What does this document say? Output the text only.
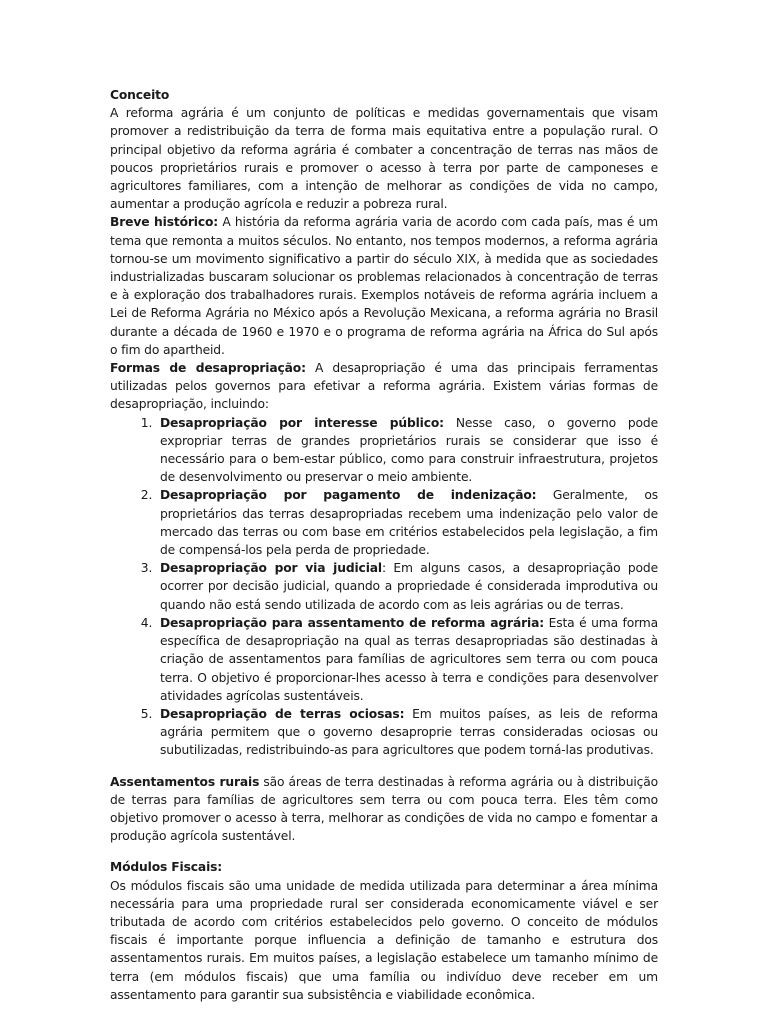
Conceito

A reforma agrária é um conjunto de políticas e medidas governamentais que visam promover a redistribuição da terra de forma mais equitativa entre a população rural. O principal objetivo da reforma agrária é combater a concentração de terras nas mãos de poucos proprietários rurais e promover o acesso à terra por parte de camponeses e agricultores familiares, com a intenção de melhorar as condições de vida no campo, aumentar a produção agrícola e reduzir a pobreza rural.

Breve histórico: A história da reforma agrária varia de acordo com cada país, mas é um tema que remonta a muitos séculos. No entanto, nos tempos modernos, a reforma agrária tornou-se um movimento significativo a partir do século XIX, à medida que as sociedades industrializadas buscaram solucionar os problemas relacionados à concentração de terras e à exploração dos trabalhadores rurais. Exemplos notáveis de reforma agrária incluem a Lei de Reforma Agrária no México após a Revolução Mexicana, a reforma agrária no Brasil durante a década de 1960 e 1970 e o programa de reforma agrária na África do Sul após o fim do apartheid.

Formas de desapropriação: A desapropriação é uma das principais ferramentas utilizadas pelos governos para efetivar a reforma agrária. Existem várias formas de desapropriação, incluindo:

1. Desapropriação por interesse público: Nesse caso, o governo pode expropriar terras de grandes proprietários rurais se considerar que isso é necessário para o bem-estar público, como para construir infraestrutura, projetos de desenvolvimento ou preservar o meio ambiente.
2. Desapropriação por pagamento de indenização: Geralmente, os proprietários das terras desapropriadas recebem uma indenização pelo valor de mercado das terras ou com base em critérios estabelecidos pela legislação, a fim de compensá-los pela perda de propriedade.
3. Desapropriação por via judicial: Em alguns casos, a desapropriação pode ocorrer por decisão judicial, quando a propriedade é considerada improdutiva ou quando não está sendo utilizada de acordo com as leis agrárias ou de terras.
4. Desapropriação para assentamento de reforma agrária: Esta é uma forma específica de desapropriação na qual as terras desapropriadas são destinadas à criação de assentamentos para famílias de agricultores sem terra ou com pouca terra. O objetivo é proporcionar-lhes acesso à terra e condições para desenvolver atividades agrícolas sustentáveis.
5. Desapropriação de terras ociosas: Em muitos países, as leis de reforma agrária permitem que o governo desaproprie terras consideradas ociosas ou subutilizadas, redistribuindo-as para agricultores que podem torná-las produtivas.

Assentamentos rurais são áreas de terra destinadas à reforma agrária ou à distribuição de terras para famílias de agricultores sem terra ou com pouca terra. Eles têm como objetivo promover o acesso à terra, melhorar as condições de vida no campo e fomentar a produção agrícola sustentável.

Módulos Fiscais:

Os módulos fiscais são uma unidade de medida utilizada para determinar a área mínima necessária para uma propriedade rural ser considerada economicamente viável e ser tributada de acordo com critérios estabelecidos pelo governo. O conceito de módulos fiscais é importante porque influencia a definição de tamanho e estrutura dos assentamentos rurais. Em muitos países, a legislação estabelece um tamanho mínimo de terra (em módulos fiscais) que uma família ou indivíduo deve receber em um assentamento para garantir sua subsistência e viabilidade econômica.
